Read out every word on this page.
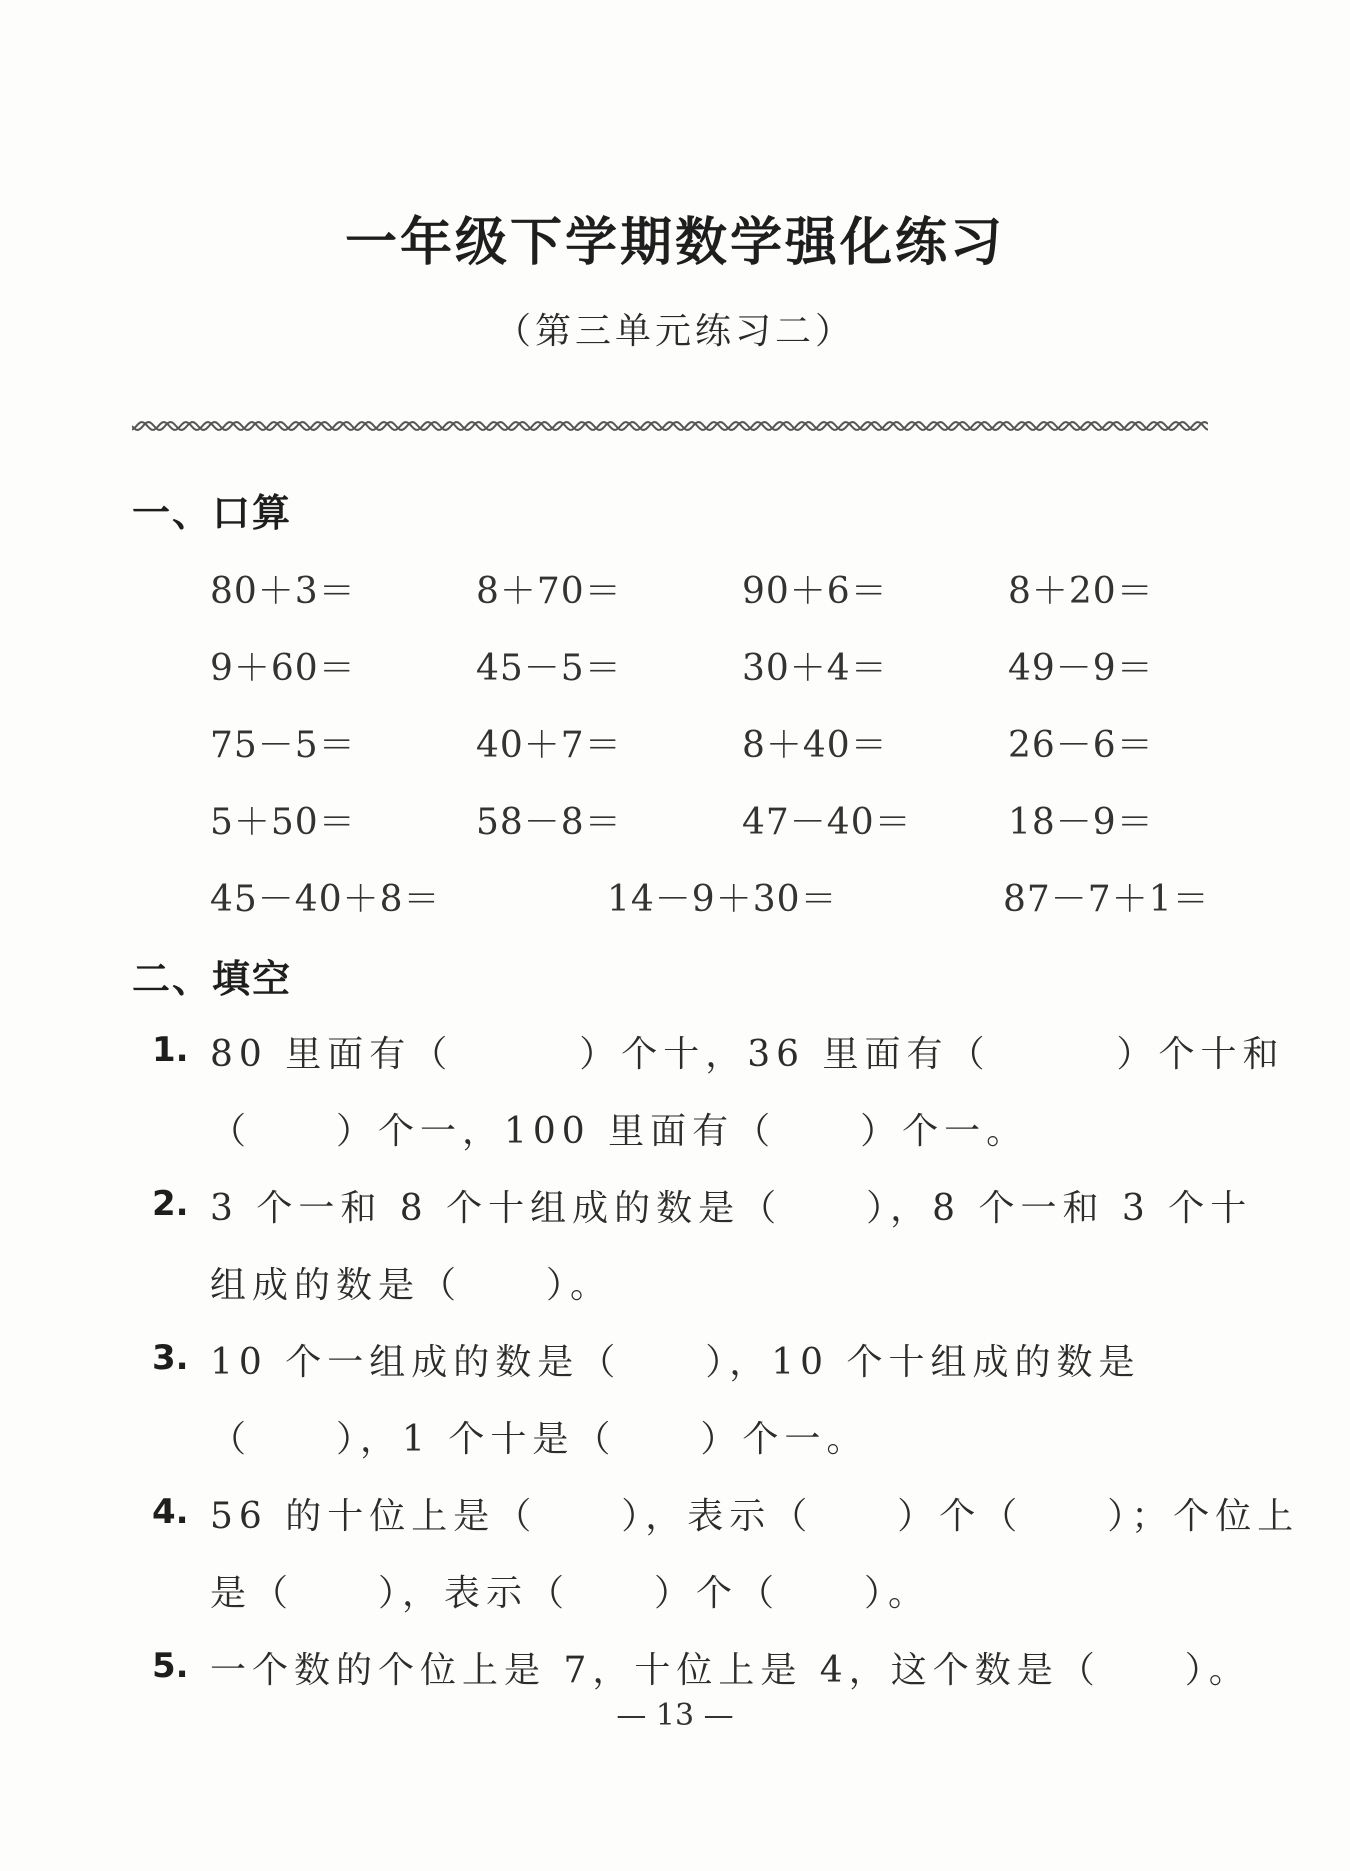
一年级下学期数学强化练习
（第三单元练习二）
一、口算
80＋3＝	8＋70＝	90＋6＝	8＋20＝
9＋60＝	45－5＝	30＋4＝	49－9＝
75－5＝	40＋7＝	8＋40＝	26－6＝
5＋50＝	58－8＝	47－40＝	18－9＝
45－40＋8＝	14－9＋30＝	87－7＋1＝
二、填空
1. 80 里面有（　　　）个十，36 里面有（　　　）个十和
（　　）个一，100 里面有（　　）个一。
2. 3 个一和 8 个十组成的数是（　　），8 个一和 3 个十
组成的数是（　　）。
3. 10 个一组成的数是（　　），10 个十组成的数是
（　　），1 个十是（　　）个一。
4. 56 的十位上是（　　），表示（　　）个（　　）；个位上
是（　　），表示（　　）个（　　）。
5. 一个数的个位上是 7，十位上是 4，这个数是（　　）。
— 13 —
